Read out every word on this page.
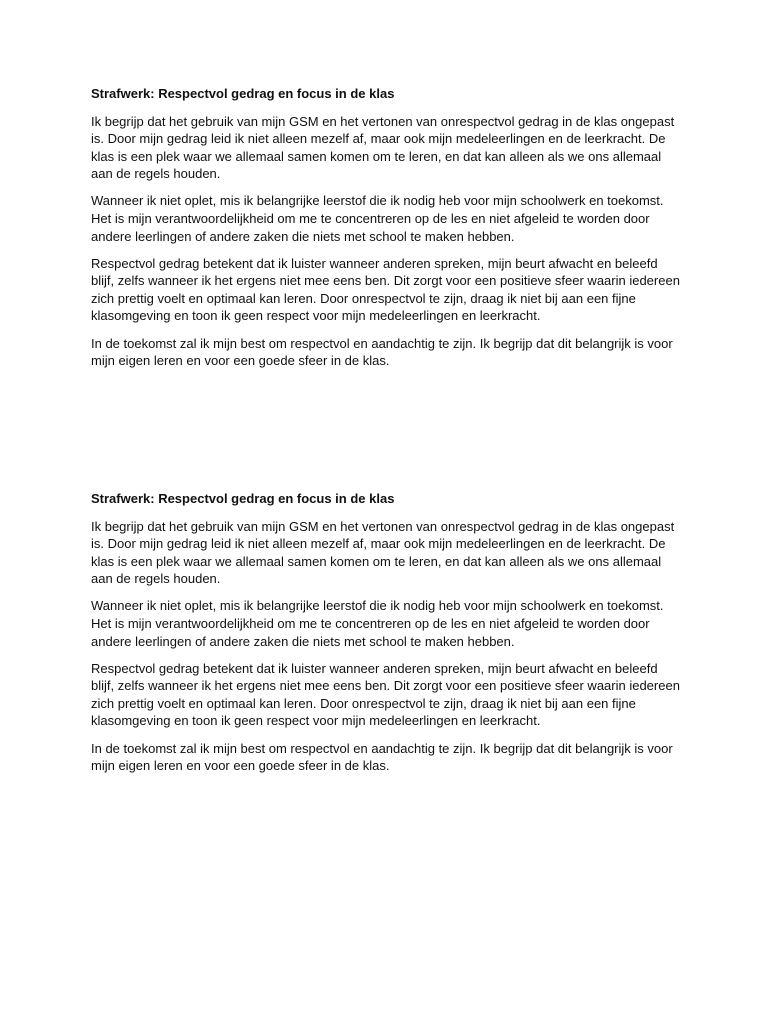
Strafwerk: Respectvol gedrag en focus in de klas

Ik begrijp dat het gebruik van mijn GSM en het vertonen van onrespectvol gedrag in de klas ongepast is. Door mijn gedrag leid ik niet alleen mezelf af, maar ook mijn medeleerlingen en de leerkracht. De klas is een plek waar we allemaal samen komen om te leren, en dat kan alleen als we ons allemaal aan de regels houden.

Wanneer ik niet oplet, mis ik belangrijke leerstof die ik nodig heb voor mijn schoolwerk en toekomst. Het is mijn verantwoordelijkheid om me te concentreren op de les en niet afgeleid te worden door andere leerlingen of andere zaken die niets met school te maken hebben.

Respectvol gedrag betekent dat ik luister wanneer anderen spreken, mijn beurt afwacht en beleefd blijf, zelfs wanneer ik het ergens niet mee eens ben. Dit zorgt voor een positieve sfeer waarin iedereen zich prettig voelt en optimaal kan leren. Door onrespectvol te zijn, draag ik niet bij aan een fijne klasomgeving en toon ik geen respect voor mijn medeleerlingen en leerkracht.

In de toekomst zal ik mijn best om respectvol en aandachtig te zijn. Ik begrijp dat dit belangrijk is voor mijn eigen leren en voor een goede sfeer in de klas.

Strafwerk: Respectvol gedrag en focus in de klas

Ik begrijp dat het gebruik van mijn GSM en het vertonen van onrespectvol gedrag in de klas ongepast is. Door mijn gedrag leid ik niet alleen mezelf af, maar ook mijn medeleerlingen en de leerkracht. De klas is een plek waar we allemaal samen komen om te leren, en dat kan alleen als we ons allemaal aan de regels houden.

Wanneer ik niet oplet, mis ik belangrijke leerstof die ik nodig heb voor mijn schoolwerk en toekomst. Het is mijn verantwoordelijkheid om me te concentreren op de les en niet afgeleid te worden door andere leerlingen of andere zaken die niets met school te maken hebben.

Respectvol gedrag betekent dat ik luister wanneer anderen spreken, mijn beurt afwacht en beleefd blijf, zelfs wanneer ik het ergens niet mee eens ben. Dit zorgt voor een positieve sfeer waarin iedereen zich prettig voelt en optimaal kan leren. Door onrespectvol te zijn, draag ik niet bij aan een fijne klasomgeving en toon ik geen respect voor mijn medeleerlingen en leerkracht.

In de toekomst zal ik mijn best om respectvol en aandachtig te zijn. Ik begrijp dat dit belangrijk is voor mijn eigen leren en voor een goede sfeer in de klas.
